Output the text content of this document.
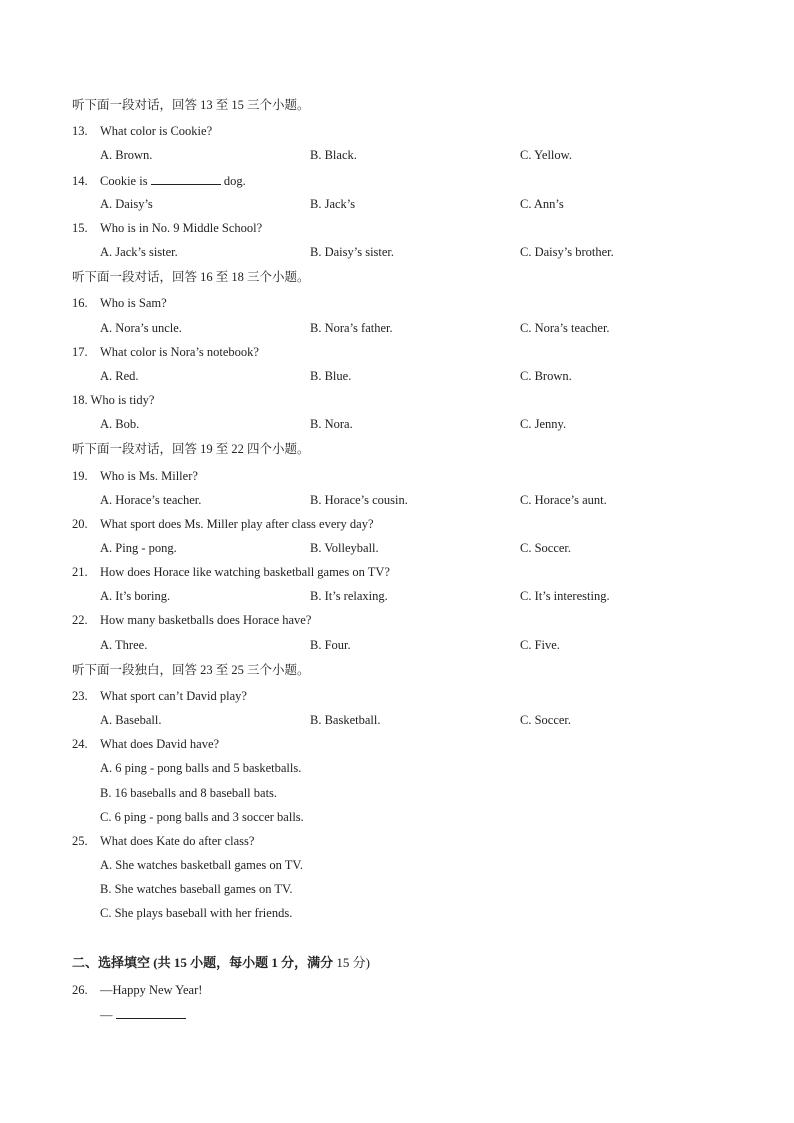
听下面一段对话，回答 13 至 15 三个小题。
13. What color is Cookie?
A. Brown.	B. Black.	C. Yellow.
14. Cookie is	dog.
A. Daisy’s	B. Jack’s	C. Ann’s
15. Who is in No. 9 Middle School?
A. Jack’s sister.	B. Daisy’s sister.	C. Daisy’s brother.
听下面一段对话，回答 16 至 18 三个小题。
16. Who is Sam?
A. Nora’s uncle.	B. Nora’s father.	C. Nora’s teacher.
17. What color is Nora’s notebook?
A. Red.	B. Blue.	C. Brown.
18. Who is tidy?
A. Bob.	B. Nora.	C. Jenny.
听下面一段对话，回答 19 至 22 四个小题。
19. Who is Ms. Miller?
A. Horace’s teacher.	B. Horace’s cousin.	C. Horace’s aunt.
20. What sport does Ms. Miller play after class every day?
A. Ping - pong.	B. Volleyball.	C. Soccer.
21. How does Horace like watching basketball games on TV?
A. It’s boring.	B. It’s relaxing.	C. It’s interesting.
22. How many basketballs does Horace have?
A. Three.	B. Four.	C. Five.
听下面一段独白，回答 23 至 25 三个小题。
23. What sport can’t David play?
A. Baseball.	B. Basketball.	C. Soccer.
24. What does David have?
A. 6 ping - pong balls and 5 basketballs.
B. 16 baseballs and 8 baseball bats.
C. 6 ping - pong balls and 3 soccer balls.
25. What does Kate do after class?
A. She watches basketball games on TV.
B. She watches baseball games on TV.
C. She plays baseball with her friends.
二、选择填空 (共 15 小题，每小题 1 分，满分 15 分)
26. —Happy New Year!
—
